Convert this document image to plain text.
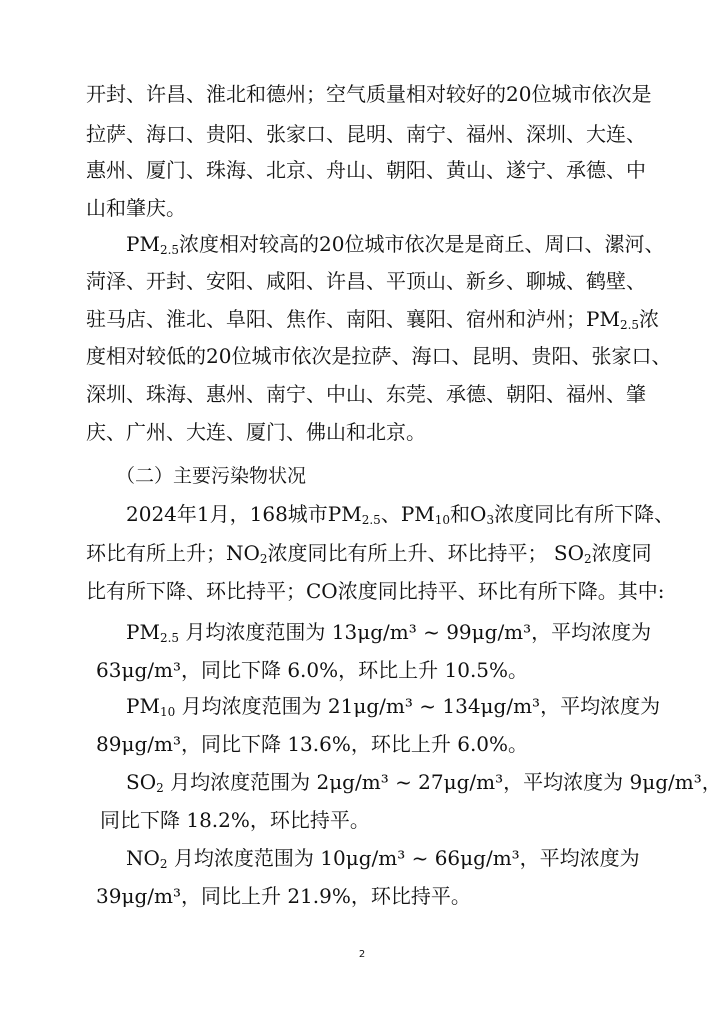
开封、许昌、淮北和德州；空气质量相对较好的20位城市依次是
拉萨、海口、贵阳、张家口、昆明、南宁、福州、深圳、大连、
惠州、厦门、珠海、北京、舟山、朝阳、黄山、遂宁、承德、中
山和肇庆。
$PM_{2.5}$浓度相对较高的20位城市依次是是商丘、周口、漯河、
菏泽、开封、安阳、咸阳、许昌、平顶山、新乡、聊城、鹤壁、
驻马店、淮北、阜阳、焦作、南阳、襄阳、宿州和泸州；$PM_{2.5}$浓
度相对较低的20位城市依次是拉萨、海口、昆明、贵阳、张家口、
深圳、珠海、惠州、南宁、中山、东莞、承德、朝阳、福州、肇
庆、广州、大连、厦门、佛山和北京。
（二）主要污染物状况
2024年1月，168城市$PM_{2.5}$、$PM_{10}$和$O_3$浓度同比有所下降、
环比有所上升；$NO_2$浓度同比有所上升、环比持平； $SO_2$浓度同
比有所下降、环比持平；CO浓度同比持平、环比有所下降。其中:
$PM_{2.5}$ 月均浓度范围为 13μg/m³ ~ 99μg/m³，平均浓度为
63μg/m³，同比下降 6.0%，环比上升 10.5%。
$PM_{10}$ 月均浓度范围为 21μg/m³ ~ 134μg/m³，平均浓度为
89μg/m³，同比下降 13.6%，环比上升 6.0%。
$SO_2$ 月均浓度范围为 2μg/m³ ~ 27μg/m³，平均浓度为 9μg/m³，
同比下降 18.2%，环比持平。
$NO_2$ 月均浓度范围为 10μg/m³ ~ 66μg/m³，平均浓度为
39μg/m³，同比上升 21.9%，环比持平。
2
